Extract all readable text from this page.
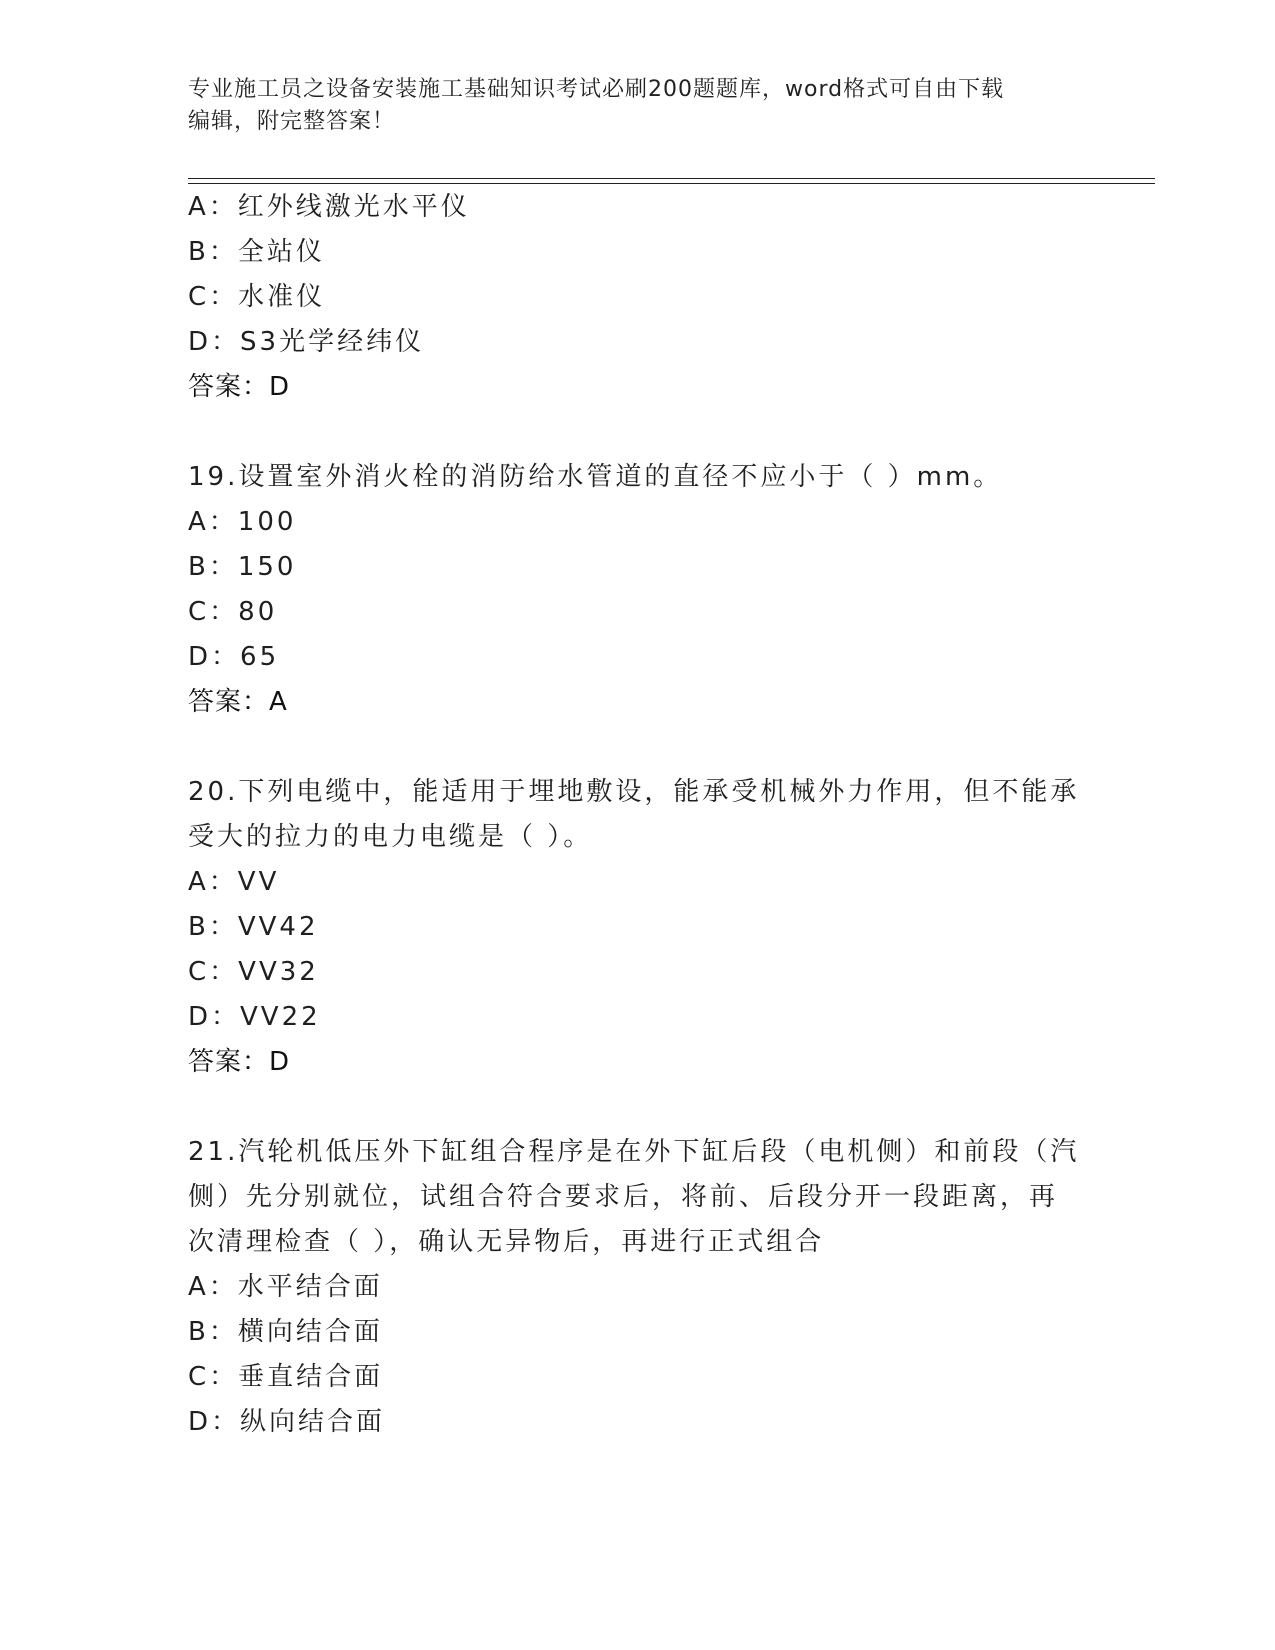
专业施工员之设备安装施工基础知识考试必刷200题题库，word格式可自由下载
编辑，附完整答案！
A：红外线激光水平仪
B：全站仪
C：水准仪
D：S3光学经纬仪
答案：D
19.设置室外消火栓的消防给水管道的直径不应小于（ ）mm。
A：100
B：150
C：80
D：65
答案：A
20.下列电缆中，能适用于埋地敷设，能承受机械外力作用，但不能承
受大的拉力的电力电缆是（ ）。
A：VV
B：VV42
C：VV32
D：VV22
答案：D
21.汽轮机低压外下缸组合程序是在外下缸后段（电机侧）和前段（汽
侧）先分别就位，试组合符合要求后，将前、后段分开一段距离，再
次清理检查（ ），确认无异物后，再进行正式组合
A：水平结合面
B：横向结合面
C：垂直结合面
D：纵向结合面
